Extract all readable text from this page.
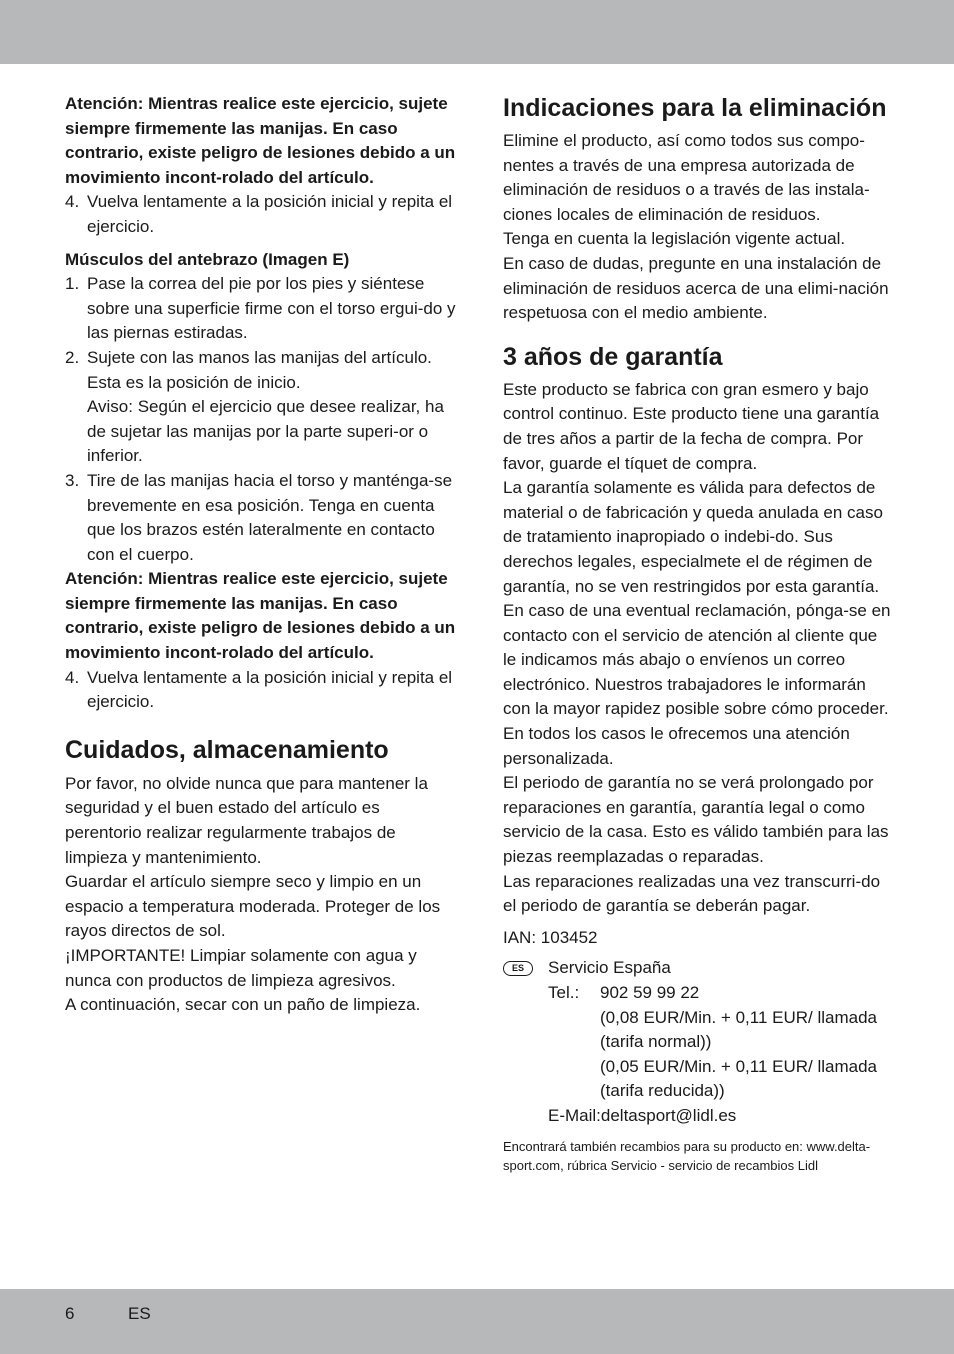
Atención: Mientras realice este ejercicio, sujete siempre firmemente las manijas. En caso contrario, existe peligro de lesiones debido a un movimiento incont-rolado del artículo.

4. Vuelva lentamente a la posición inicial y repita el ejercicio.
Músculos del antebrazo (Imagen E)
1. Pase la correa del pie por los pies y siéntese sobre una superficie firme con el torso ergui-do y las piernas estiradas.
2. Sujete con las manos las manijas del artículo. Esta es la posición de inicio.
Aviso: Según el ejercicio que desee realizar, ha de sujetar las manijas por la parte superi-or o inferior.
3. Tire de las manijas hacia el torso y manténga-se brevemente en esa posición. Tenga en cuenta que los brazos estén lateralmente en contacto con el cuerpo.

Atención: Mientras realice este ejercicio, sujete siempre firmemente las manijas. En caso contrario, existe peligro de lesiones debido a un movimiento incont-rolado del artículo.

4. Vuelva lentamente a la posición inicial y repita el ejercicio.
Cuidados, almacenamiento

Por favor, no olvide nunca que para mantener la seguridad y el buen estado del artículo es perentorio realizar regularmente trabajos de limpieza y mantenimiento.

Guardar el artículo siempre seco y limpio en un espacio a temperatura moderada. Proteger de los rayos directos de sol.

¡IMPORTANTE! Limpiar solamente con agua y nunca con productos de limpieza agresivos.

A continuación, secar con un paño de limpieza.

Indicaciones para la eliminación

Elimine el producto, así como todos sus compo-nentes a través de una empresa autorizada de eliminación de residuos o a través de las instala-ciones locales de eliminación de residuos.

Tenga en cuenta la legislación vigente actual.

En caso de dudas, pregunte en una instalación de eliminación de residuos acerca de una elimi-nación respetuosa con el medio ambiente.

3 años de garantía

Este producto se fabrica con gran esmero y bajo control continuo. Este producto tiene una garantía de tres años a partir de la fecha de compra. Por favor, guarde el tíquet de compra.

La garantía solamente es válida para defectos de material o de fabricación y queda anulada en caso de tratamiento inapropiado o indebi-do. Sus derechos legales, especialmete el de régimen de garantía, no se ven restringidos por esta garantía.

En caso de una eventual reclamación, pónga-se en contacto con el servicio de atención al cliente que le indicamos más abajo o envíenos un correo electrónico. Nuestros trabajadores le informarán con la mayor rapidez posible sobre cómo proceder. En todos los casos le ofrecemos una atención personalizada.

El periodo de garantía no se verá prolongado por reparaciones en garantía, garantía legal o como servicio de la casa. Esto es válido también para las piezas reemplazadas o reparadas.

Las reparaciones realizadas una vez transcurri-do el periodo de garantía se deberán pagar.

IAN: 103452

ES	Servicio España
Tel.: 902 59 99 22
(0,08 EUR/Min. + 0,11 EUR/ llamada (tarifa normal))
(0,05 EUR/Min. + 0,11 EUR/ llamada (tarifa reducida))
E-Mail:deltasport@lidl.es

Encontrará también recambios para su producto en: www.delta-sport.com, rúbrica Servicio - servicio de recambios Lidl

6	ES
